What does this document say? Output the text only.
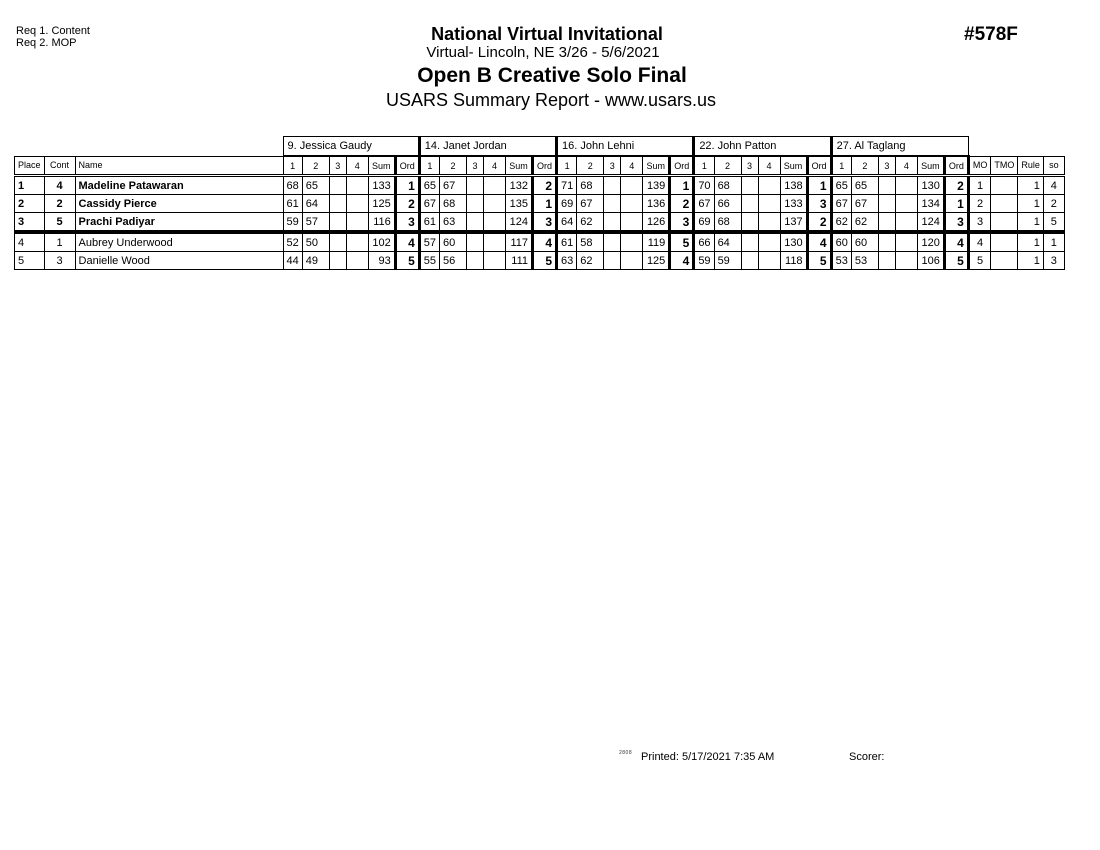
Req 1. Content
Req 2. MOP	National Virtual Invitational
Virtual- Lincoln, NE 3/26 - 5/6/2021
Open B Creative Solo Final
USARS Summary Report - www.usars.us
#578F
			9. Jessica Gaudy						14. Janet Jordan						16. John Lehni						22. John Patton						27. Al Taglang									
Place	Cont	Name	1	2	3	4	Sum	Ord	1	2	3	4	Sum	Ord	1	2	3	4	Sum	Ord	1	2	3	4	Sum	Ord	1	2	3	4	Sum	Ord	MO	TMO	Rule	so
1	4	Madeline Patawaran	68	65			133	1	65	67			132	2	71	68			139	1	70	68			138	1	65	65			130	2	1		1	4
2	2	Cassidy Pierce	61	64			125	2	67	68			135	1	69	67			136	2	67	66			133	3	67	67			134	1	2		1	2
3	5	Prachi Padiyar	59	57			116	3	61	63			124	3	64	62			126	3	69	68			137	2	62	62			124	3	3		1	5
4	1	Aubrey Underwood	52	50			102	4	57	60			117	4	61	58			119	5	66	64			130	4	60	60			120	4	4		1	1
5	3	Danielle Wood	44	49			93	5	55	56			111	5	63	62			125	4	59	59			118	5	53	53			106	5	5		1	3
2808 Printed: 5/17/2021 7:35 AM	Scorer:
